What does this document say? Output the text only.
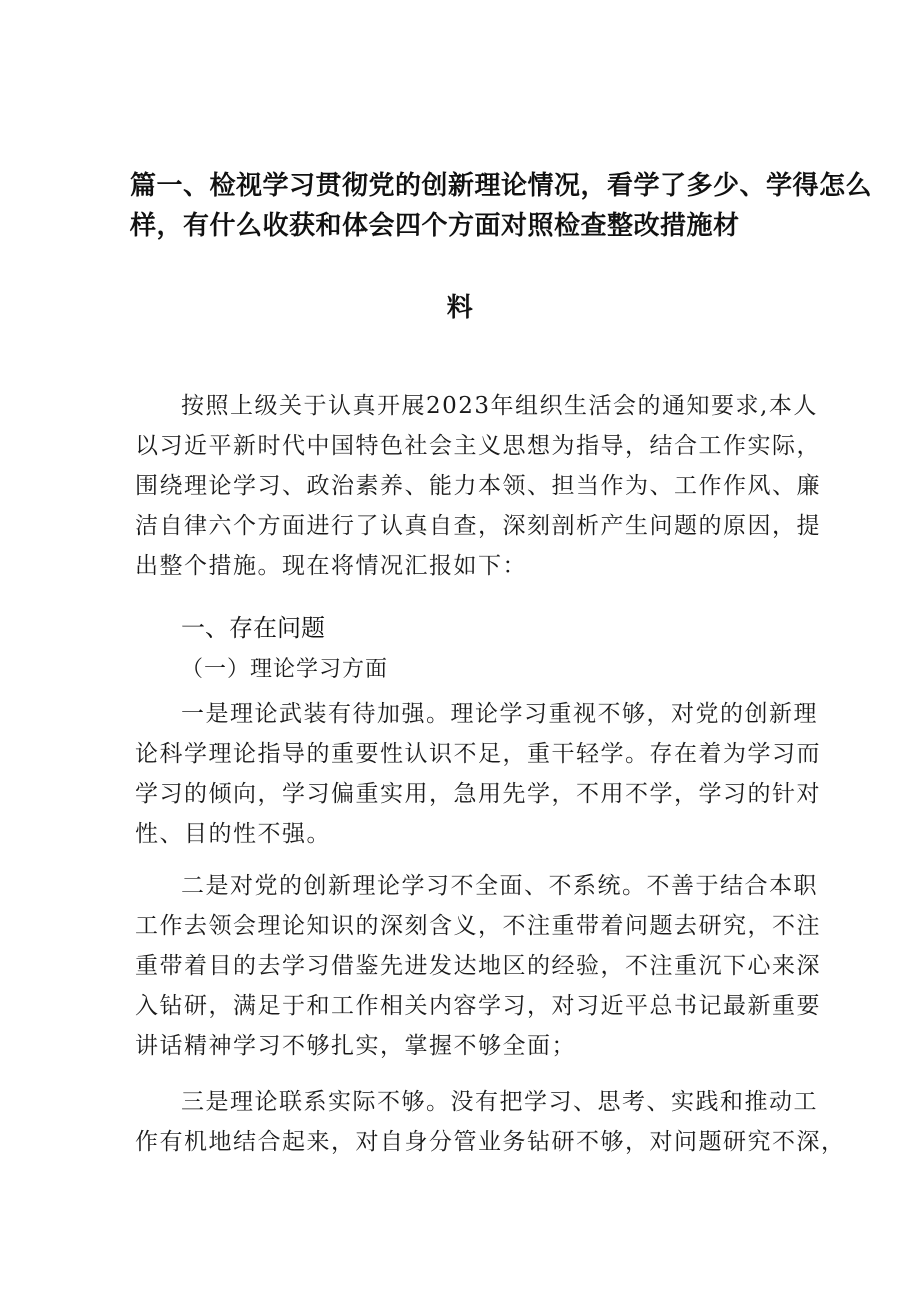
篇一、检视学习贯彻党的创新理论情况，看学了多少、学得怎么
样，有什么收获和体会四个方面对照检查整改措施材
料
按照上级关于认真开展2023年组织生活会的通知要求,本人
以习近平新时代中国特色社会主义思想为指导，结合工作实际，
围绕理论学习、政治素养、能力本领、担当作为、工作作风、廉
洁自律六个方面进行了认真自查，深刻剖析产生问题的原因，提
出整个措施。现在将情况汇报如下：
一、存在问题
（一）理论学习方面
一是理论武装有待加强。理论学习重视不够，对党的创新理
论科学理论指导的重要性认识不足，重干轻学。存在着为学习而
学习的倾向，学习偏重实用，急用先学，不用不学，学习的针对
性、目的性不强。
二是对党的创新理论学习不全面、不系统。不善于结合本职
工作去领会理论知识的深刻含义，不注重带着问题去研究，不注
重带着目的去学习借鉴先进发达地区的经验，不注重沉下心来深
入钻研，满足于和工作相关内容学习，对习近平总书记最新重要
讲话精神学习不够扎实，掌握不够全面；
三是理论联系实际不够。没有把学习、思考、实践和推动工
作有机地结合起来，对自身分管业务钻研不够，对问题研究不深，
